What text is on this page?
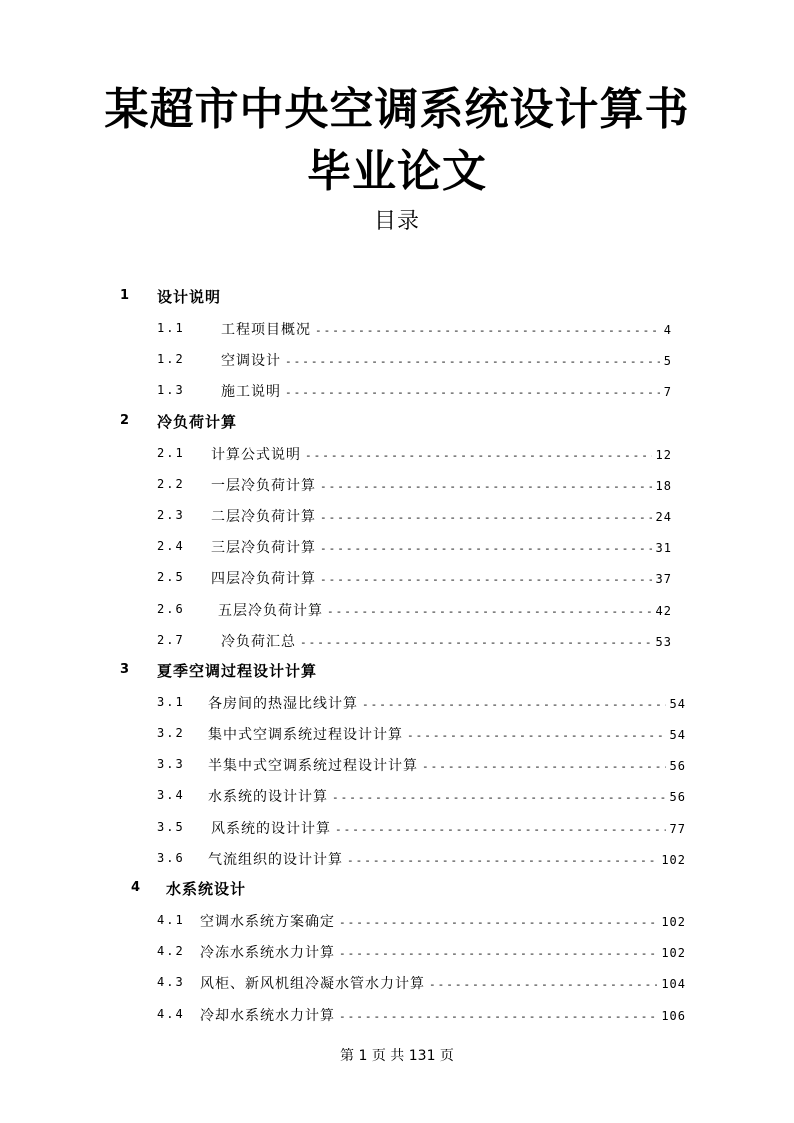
某超市中央空调系统设计算书
毕业论文
目录
1 设计说明
1.1	工程项目概况 -----	4
1.2	空调设计 -----	5
1.3	施工说明 -----	7
2 冷负荷计算
2.1 计算公式说明 -----	12
2.2 一层冷负荷计算 -----	18
2.3 二层冷负荷计算 -----	24
2.4 三层冷负荷计算 -----	31
2.5 四层冷负荷计算 -----	37
2.6 五层冷负荷计算 -----	42
2.7	冷负荷汇总 -----	53
3 夏季空调过程设计计算
3.1 各房间的热湿比线计算 -----	54
3.2 集中式空调系统过程设计计算 -----	54
3.3 半集中式空调系统过程设计计算 -----	56
3.4 水系统的设计计算 -----	56
3.5 风系统的设计计算 -----	77
3.6 气流组织的设计计算 -----	102
4 水系统设计
4.1 空调水系统方案确定 -----	102
4.2 冷冻水系统水力计算 -----	102
4.3 风柜、新风机组冷凝水管水力计算 -----	104
4.4 冷却水系统水力计算 -----	106
第 1 页 共 131 页
